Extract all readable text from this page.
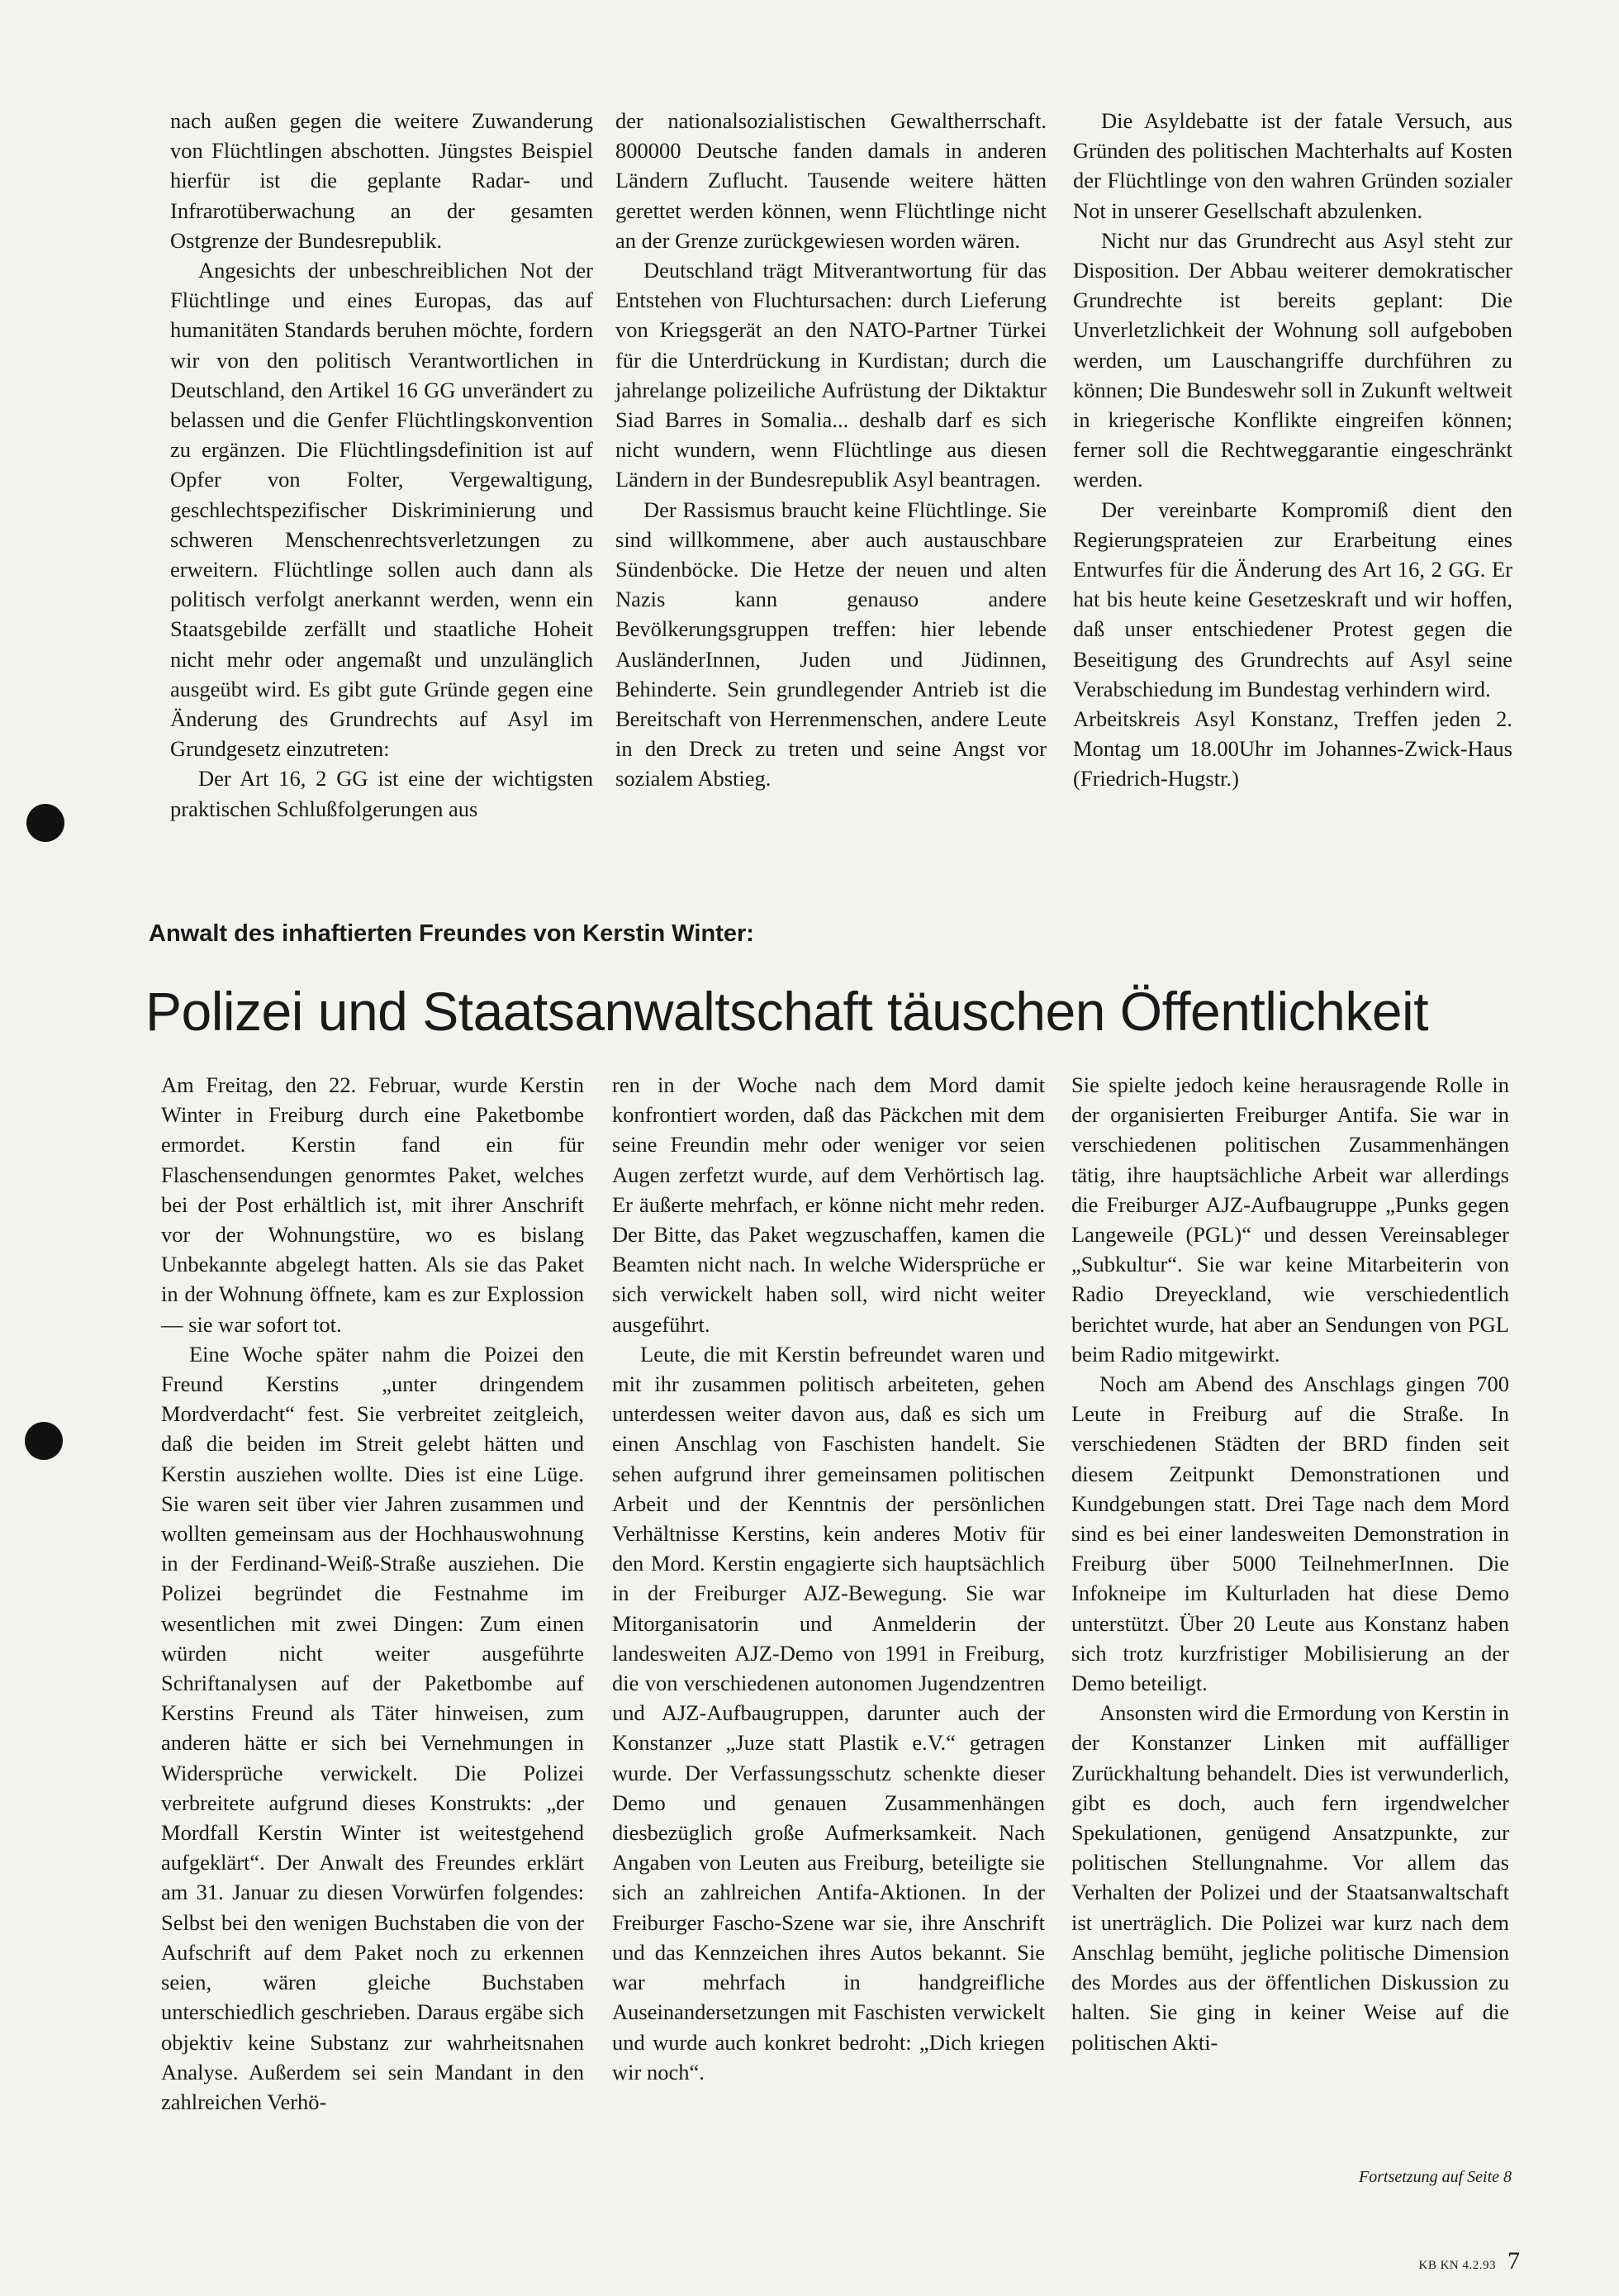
nach außen gegen die weitere Zuwanderung von Flüchtlingen abschotten. Jüngstes Beispiel hierfür ist die geplante Radar- und Infrarotüberwachung an der gesamten Ostgrenze der Bundesrepublik.

Angesichts der unbeschreiblichen Not der Flüchtlinge und eines Europas, das auf humanitäten Standards beruhen möchte, fordern wir von den politisch Verantwortlichen in Deutschland, den Artikel 16 GG unverändert zu belassen und die Genfer Flüchtlingskonvention zu ergänzen. Die Flüchtlingsdefinition ist auf Opfer von Folter, Vergewaltigung, geschlechtspezifischer Diskriminierung und schweren Menschenrechtsverletzungen zu erweitern. Flüchtlinge sollen auch dann als politisch verfolgt anerkannt werden, wenn ein Staatsgebilde zerfällt und staatliche Hoheit nicht mehr oder angemaßt und unzulänglich ausgeübt wird. Es gibt gute Gründe gegen eine Änderung des Grundrechts auf Asyl im Grundgesetz einzutreten:

Der Art 16, 2 GG ist eine der wichtigsten praktischen Schlußfolgerungen aus

der nationalsozialistischen Gewaltherrschaft. 800000 Deutsche fanden damals in anderen Ländern Zuflucht. Tausende weitere hätten gerettet werden können, wenn Flüchtlinge nicht an der Grenze zurückgewiesen worden wären.

Deutschland trägt Mitverantwortung für das Entstehen von Fluchtursachen: durch Lieferung von Kriegsgerät an den NATO-Partner Türkei für die Unterdrückung in Kurdistan; durch die jahrelange polizeiliche Aufrüstung der Diktaktur Siad Barres in Somalia... deshalb darf es sich nicht wundern, wenn Flüchtlinge aus diesen Ländern in der Bundesrepublik Asyl beantragen.

Der Rassismus braucht keine Flüchtlinge. Sie sind willkommene, aber auch austauschbare Sündenböcke. Die Hetze der neuen und alten Nazis kann genauso andere Bevölkerungsgruppen treffen: hier lebende AusländerInnen, Juden und Jüdinnen, Behinderte. Sein grundlegender Antrieb ist die Bereitschaft von Herrenmenschen, andere Leute in den Dreck zu treten und seine Angst vor sozialem Abstieg.

Die Asyldebatte ist der fatale Versuch, aus Gründen des politischen Machterhalts auf Kosten der Flüchtlinge von den wahren Gründen sozialer Not in unserer Gesellschaft abzulenken.

Nicht nur das Grundrecht aus Asyl steht zur Disposition. Der Abbau weiterer demokratischer Grundrechte ist bereits geplant: Die Unverletzlichkeit der Wohnung soll aufgeboben werden, um Lauschangriffe durchführen zu können; Die Bundeswehr soll in Zukunft weltweit in kriegerische Konflikte eingreifen können; ferner soll die Rechtweggarantie eingeschränkt werden.

Der vereinbarte Kompromiß dient den Regierungsprateien zur Erarbeitung eines Entwurfes für die Änderung des Art 16, 2 GG. Er hat bis heute keine Gesetzeskraft und wir hoffen, daß unser entschiedener Protest gegen die Beseitigung des Grundrechts auf Asyl seine Verabschiedung im Bundestag verhindern wird.

Arbeitskreis Asyl Konstanz, Treffen jeden 2. Montag um 18.00Uhr im Johannes-Zwick-Haus (Friedrich-Hugstr.)

Anwalt des inhaftierten Freundes von Kerstin Winter:
Polizei und Staatsanwaltschaft täuschen Öffentlichkeit

Am Freitag, den 22. Februar, wurde Kerstin Winter in Freiburg durch eine Paketbombe ermordet. Kerstin fand ein für Flaschensendungen genormtes Paket, welches bei der Post erhältlich ist, mit ihrer Anschrift vor der Wohnungstüre, wo es bislang Unbekannte abgelegt hatten. Als sie das Paket in der Wohnung öffnete, kam es zur Explossion — sie war sofort tot.

Eine Woche später nahm die Poizei den Freund Kerstins „unter dringendem Mordverdacht“ fest. Sie verbreitet zeitgleich, daß die beiden im Streit gelebt hätten und Kerstin ausziehen wollte. Dies ist eine Lüge. Sie waren seit über vier Jahren zusammen und wollten gemeinsam aus der Hochhauswohnung in der Ferdinand-Weiß-Straße ausziehen. Die Polizei begründet die Festnahme im wesentlichen mit zwei Dingen: Zum einen würden nicht weiter ausgeführte Schriftanalysen auf der Paketbombe auf Kerstins Freund als Täter hinweisen, zum anderen hätte er sich bei Vernehmungen in Widersprüche verwickelt. Die Polizei verbreitete aufgrund dieses Konstrukts: „der Mordfall Kerstin Winter ist weitestgehend aufgeklärt“. Der Anwalt des Freundes erklärt am 31. Januar zu diesen Vorwürfen folgendes: Selbst bei den wenigen Buchstaben die von der Aufschrift auf dem Paket noch zu erkennen seien, wären gleiche Buchstaben unterschiedlich geschrieben. Daraus ergäbe sich objektiv keine Substanz zur wahrheitsnahen Analyse. Außerdem sei sein Mandant in den zahlreichen Verhö-

ren in der Woche nach dem Mord damit konfrontiert worden, daß das Päckchen mit dem seine Freundin mehr oder weniger vor seien Augen zerfetzt wurde, auf dem Verhörtisch lag. Er äußerte mehrfach, er könne nicht mehr reden. Der Bitte, das Paket wegzuschaffen, kamen die Beamten nicht nach. In welche Widersprüche er sich verwickelt haben soll, wird nicht weiter ausgeführt.

Leute, die mit Kerstin befreundet waren und mit ihr zusammen politisch arbeiteten, gehen unterdessen weiter davon aus, daß es sich um einen Anschlag von Faschisten handelt. Sie sehen aufgrund ihrer gemeinsamen politischen Arbeit und der Kenntnis der persönlichen Verhältnisse Kerstins, kein anderes Motiv für den Mord. Kerstin engagierte sich hauptsächlich in der Freiburger AJZ-Bewegung. Sie war Mitorganisatorin und Anmelderin der landesweiten AJZ-Demo von 1991 in Freiburg, die von verschiedenen autonomen Jugendzentren und AJZ-Aufbaugruppen, darunter auch der Konstanzer „Juze statt Plastik e.V.“ getragen wurde. Der Verfassungsschutz schenkte dieser Demo und genauen Zusammenhängen diesbezüglich große Aufmerksamkeit. Nach Angaben von Leuten aus Freiburg, beteiligte sie sich an zahlreichen Antifa-Aktionen. In der Freiburger Fascho-Szene war sie, ihre Anschrift und das Kennzeichen ihres Autos bekannt. Sie war mehrfach in handgreifliche Auseinandersetzungen mit Faschisten verwickelt und wurde auch konkret bedroht: „Dich kriegen wir noch“.

Sie spielte jedoch keine herausragende Rolle in der organisierten Freiburger Antifa. Sie war in verschiedenen politischen Zusammenhängen tätig, ihre hauptsächliche Arbeit war allerdings die Freiburger AJZ-Aufbaugruppe „Punks gegen Langeweile (PGL)“ und dessen Vereinsableger „Subkultur“. Sie war keine Mitarbeiterin von Radio Dreyeckland, wie verschiedentlich berichtet wurde, hat aber an Sendungen von PGL beim Radio mitgewirkt.

Noch am Abend des Anschlags gingen 700 Leute in Freiburg auf die Straße. In verschiedenen Städten der BRD finden seit diesem Zeitpunkt Demonstrationen und Kundgebungen statt. Drei Tage nach dem Mord sind es bei einer landesweiten Demonstration in Freiburg über 5000 TeilnehmerInnen. Die Infokneipe im Kulturladen hat diese Demo unterstützt. Über 20 Leute aus Konstanz haben sich trotz kurzfristiger Mobilisierung an der Demo beteiligt.

Ansonsten wird die Ermordung von Kerstin in der Konstanzer Linken mit auffälliger Zurückhaltung behandelt. Dies ist verwunderlich, gibt es doch, auch fern irgendwelcher Spekulationen, genügend Ansatzpunkte, zur politischen Stellungnahme. Vor allem das Verhalten der Polizei und der Staatsanwaltschaft ist unerträglich. Die Polizei war kurz nach dem Anschlag bemüht, jegliche politische Dimension des Mordes aus der öffentlichen Diskussion zu halten. Sie ging in keiner Weise auf die politischen Akti-

Fortsetzung auf Seite 8
KB KN 4.2.93 7
